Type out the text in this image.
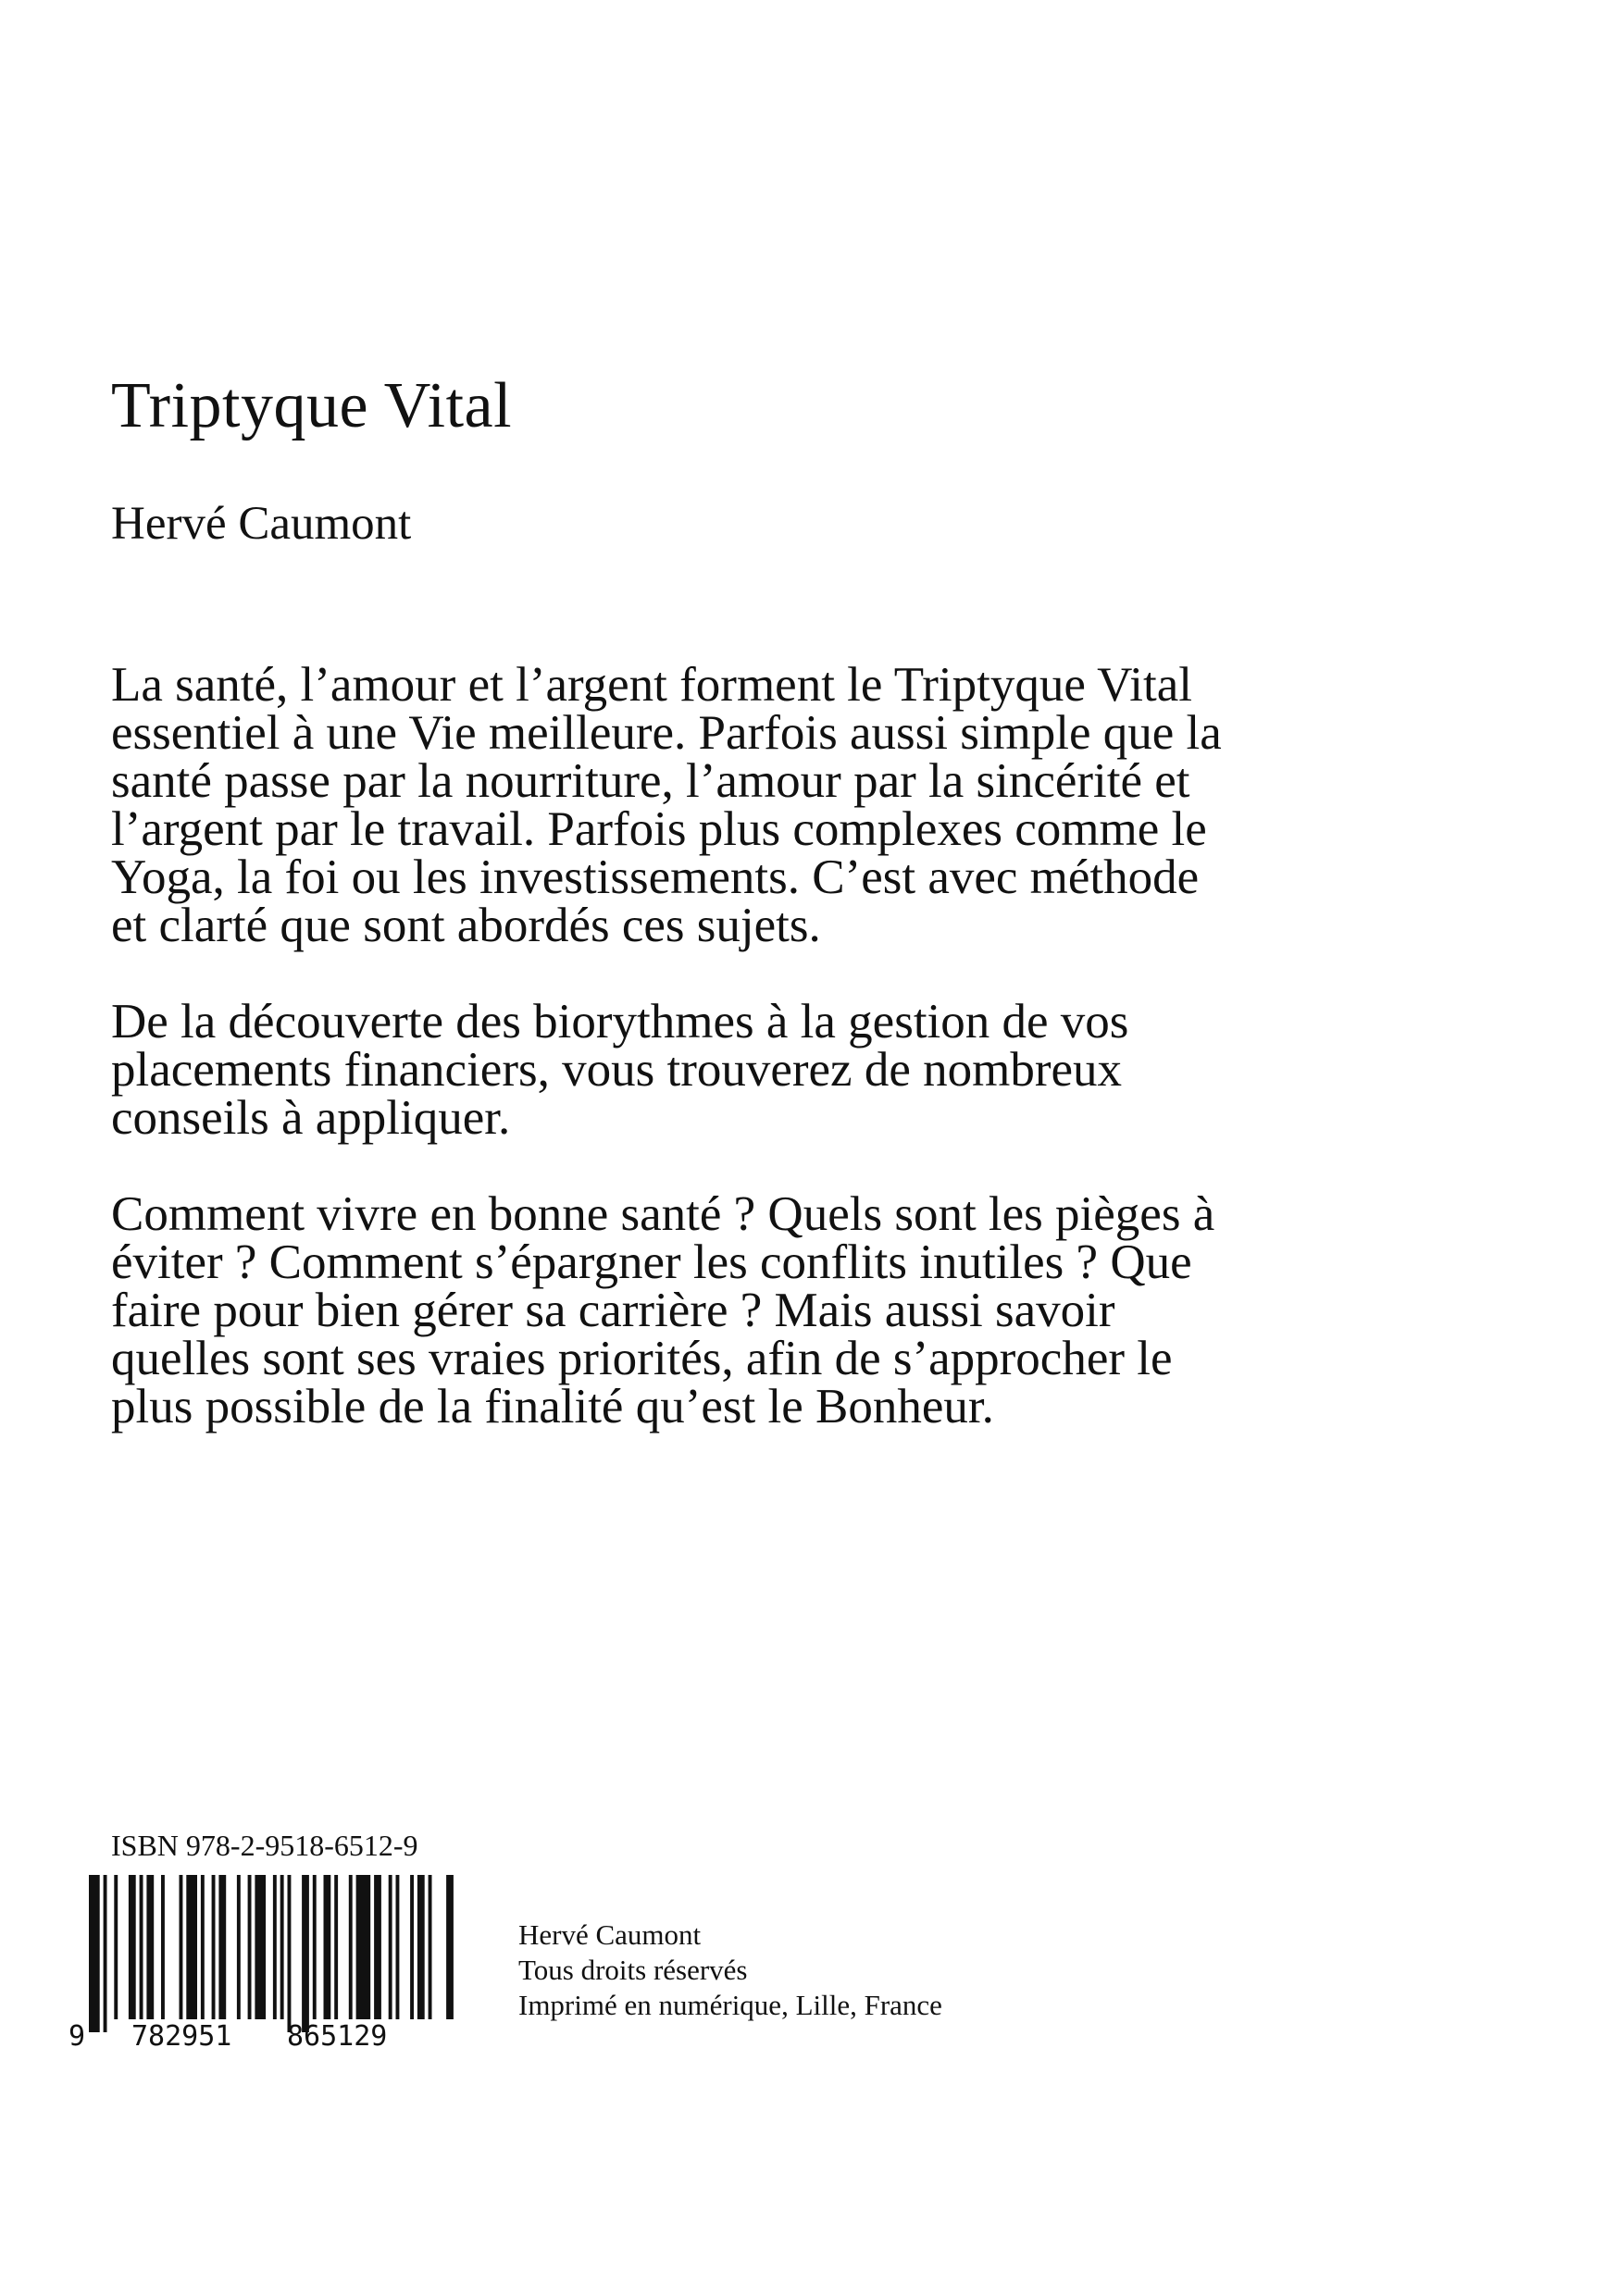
Triptyque Vital
Hervé Caumont

La santé, l’amour et l’argent forment le Triptyque Vital essentiel à une Vie meilleure. Parfois aussi simple que la santé passe par la nourriture, l’amour par la sincérité et l’argent par le travail. Parfois plus complexes comme le Yoga, la foi ou les investissements. C’est avec méthode et clarté que sont abordés ces sujets.

De la découverte des biorythmes à la gestion de vos placements financiers, vous trouverez de nombreux conseils à appliquer.

Comment vivre en bonne santé ? Quels sont les pièges à éviter ? Comment s’épargner les conflits inutiles ? Que faire pour bien gérer sa carrière ? Mais aussi savoir quelles sont ses vraies priorités, afin de s’approcher le plus possible de la finalité qu’est le Bonheur.

ISBN 978-2-9518-6512-9
9 782951 865129
Hervé Caumont
Tous droits réservés
Imprimé en numérique, Lille, France
